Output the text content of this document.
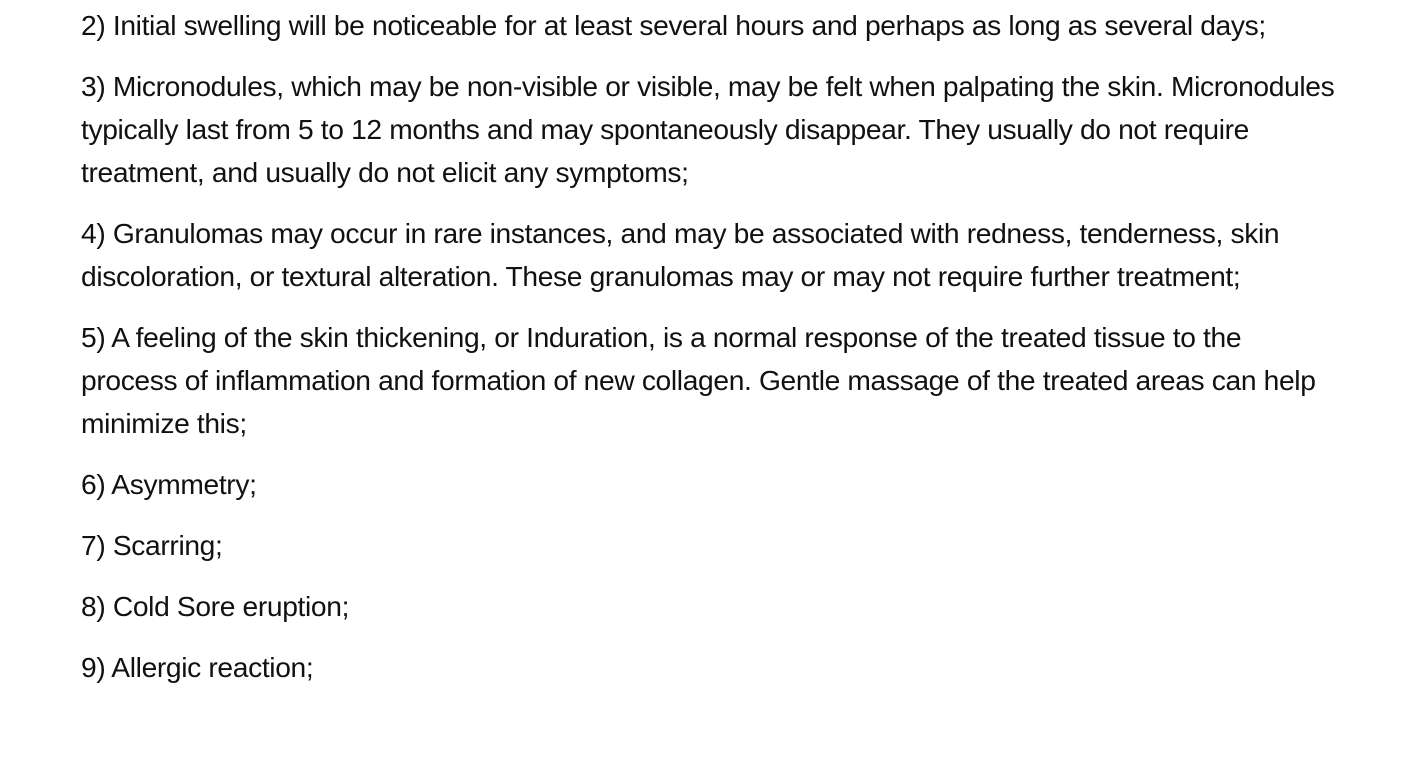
2) Initial swelling will be noticeable for at least several hours and perhaps as long as several days;

3) Micronodules, which may be non-visible or visible, may be felt when palpating the skin. Micronodules typically last from 5 to 12 months and may spontaneously disappear. They usually do not require treatment, and usually do not elicit any symptoms;

4) Granulomas may occur in rare instances, and may be associated with redness, tenderness, skin discoloration, or textural alteration. These granulomas may or may not require further treatment;

5) A feeling of the skin thickening, or Induration, is a normal response of the treated tissue to the process of inflammation and formation of new collagen. Gentle massage of the treated areas can help minimize this;

6) Asymmetry;

7) Scarring;

8) Cold Sore eruption;

9) Allergic reaction;
